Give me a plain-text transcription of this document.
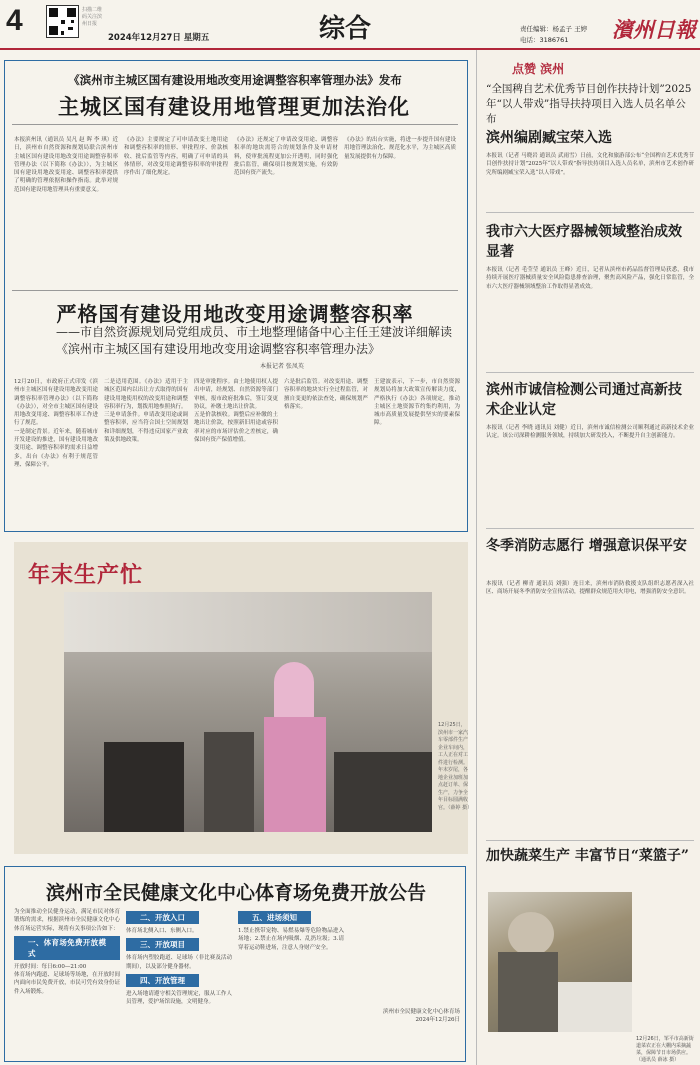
4	扫描二维码关注滨州日报
2024年12月27日 星期五	综合	责任编辑：杨孟子 王婷
电话：3186761	濱州日報
《滨州市主城区国有建设用地改变用途调整容积率管理办法》发布
主城区国有建设用地管理更加法治化
本报滨州讯（通讯员 吴凡 赵 晖 李 琪）近日，滨州市自然资源和规划局联合滨州市主城区国有建设用地改变用途调整容积率管理办法（以下简称《办法》），为主城区国有建设用地改变用途、调整容积率提供了明确的管理依据和操作指南。此举对规范国有建设用地管理具有重要意义。
《办法》主要规定了可申请改变土地用途和调整容积率的情形、审批程序、价款核收、批后监管等内容，明确了可申请的具体情形，对改变用途调整容积率的审批程序作出了细化规定。
《办法》还规定了申请改变用途、调整容积率的地块需符合的规划条件及申请材料，使审批流程更加公开透明，同时强化批后监管，确保项目按规划实施，有效防范国有资产流失。
《办法》的出台实施，将进一步提升国有建设用地管理法治化、规范化水平，为主城区高质量发展提供有力保障。
严格国有建设用地改变用途调整容积率
——市自然资源规划局党组成员、市土地整理储备中心主任王建波详细解读《滨州市主城区国有建设用地改变用途调整容积率管理办法》
本报记者 张凤英

12月20日，市政府正式印发《滨州市主城区国有建设用地改变用途调整容积率管理办法》（以下简称《办法》），对全市主城区国有建设用地改变用途、调整容积率工作进行了规范。

一是制定背景。近年来，随着城市开发建设的推进，国有建设用地改变用途、调整容积率的需求日益增多，出台《办法》有利于规范管理、保障公平。

二是适用范围。《办法》适用于主城区范围内以出让方式取得的国有建设用地使用权的改变用途和调整容积率行为，划拨用地参照执行。

三是申请条件。申请改变用途或调整容积率，应当符合国土空间规划和详细规划，不得违反国家产业政策及供地政策。

四是审批程序。由土地使用权人提出申请，经规划、自然资源等部门审核，报市政府批准后，签订变更协议，补缴土地出让价款。

五是价款核收。调整后应补缴的土地出让价款，按照新旧用途或容积率对应的市场评估价之差核定，确保国有资产保值增值。

六是批后监管。对改变用途、调整容积率的地块实行全过程监管，对擅自变更的依法查处，确保规划严格落实。

王建波表示，下一步，市自然资源规划局将加大政策宣传解读力度，严格执行《办法》各项规定，推动主城区土地资源节约集约利用，为城市高质量发展提供坚实的要素保障。

年末生产忙
12月25日，滨州市一家汽车零部件生产企业车间内，工人正在对工件进行检测。年末岁尾，各地企业加班加点赶订单、保生产，力争全年目标圆满收官。（薛婷 摄）
滨州市全民健康文化中心体育场免费开放公告

为全面推动全民健身运动，满足市民对体育锻炼的需求，根据滨州市全民健康文化中心体育场运营实际，现将有关事项公告如下：

一、体育场免费开放模式

开放时间：每日6:00—21:00

体育场内跑道、足球场等场地，在开放时间内面向市民免费开放，市民可凭有效身份证件入场锻炼。

二、开放入口

体育场北侧入口、东侧入口。

三、开放项目

体育场内塑胶跑道、足球场（非比赛及活动期间），以及部分健身器材。

四、开放管理

进入场地请遵守相关管理规定，服从工作人员管理，爱护场馆设施，文明健身。

五、进场须知

1.禁止携带宠物、易燃易爆等危险物品进入场地；2.禁止在场内吸烟、乱扔垃圾；3.请穿着运动鞋进场，注意人身财产安全。

滨州市全民健康文化中心体育场

2024年12月26日

点赞 滨州
“全国稗自艺术优秀节目创作扶持计划”2025年“以人带戏”指导扶持项目入选人员名单公布
滨州编剧臧宝荣入选
本报讯（记者 马晓岩 通讯员 武雨雪）日前，文化和旅游部公布“全国稗自艺术优秀节目创作扶持计划”2025年“以人带戏”指导扶持项目入选人员名单，滨州市艺术创作研究所编剧臧宝荣入选“以人带戏”。
我市六大医疗器械领域整治成效显著
本报讯（记者 毛莹莹 通讯员 王峰）近日，记者从滨州市药品监督管理局获悉，我市持续开展医疗器械质量安全风险隐患排查治理，聚焦高风险产品，强化日常监管，全市六大医疗器械领域整治工作取得显著成效。
滨州市诚信检测公司通过高新技术企业认定
本报讯（记者 李晓 通讯员 刘健）近日，滨州市诚信检测公司顺利通过高新技术企业认定。该公司深耕检测服务领域，持续加大研发投入，不断提升自主创新能力。
冬季消防志愿行 增强意识保平安
本报讯（记者 柳青 通讯员 刘强）连日来，滨州市消防救援支队组织志愿者深入社区、商场开展冬季消防安全宣传活动，提醒群众规范用火用电，增强消防安全意识。
加快蔬菜生产 丰富节日“菜篮子”
12月26日，邹平市高新街道菜农正在大棚内采摘蔬菜，保障节日市场供应。（通讯员 薛冰 摄）
